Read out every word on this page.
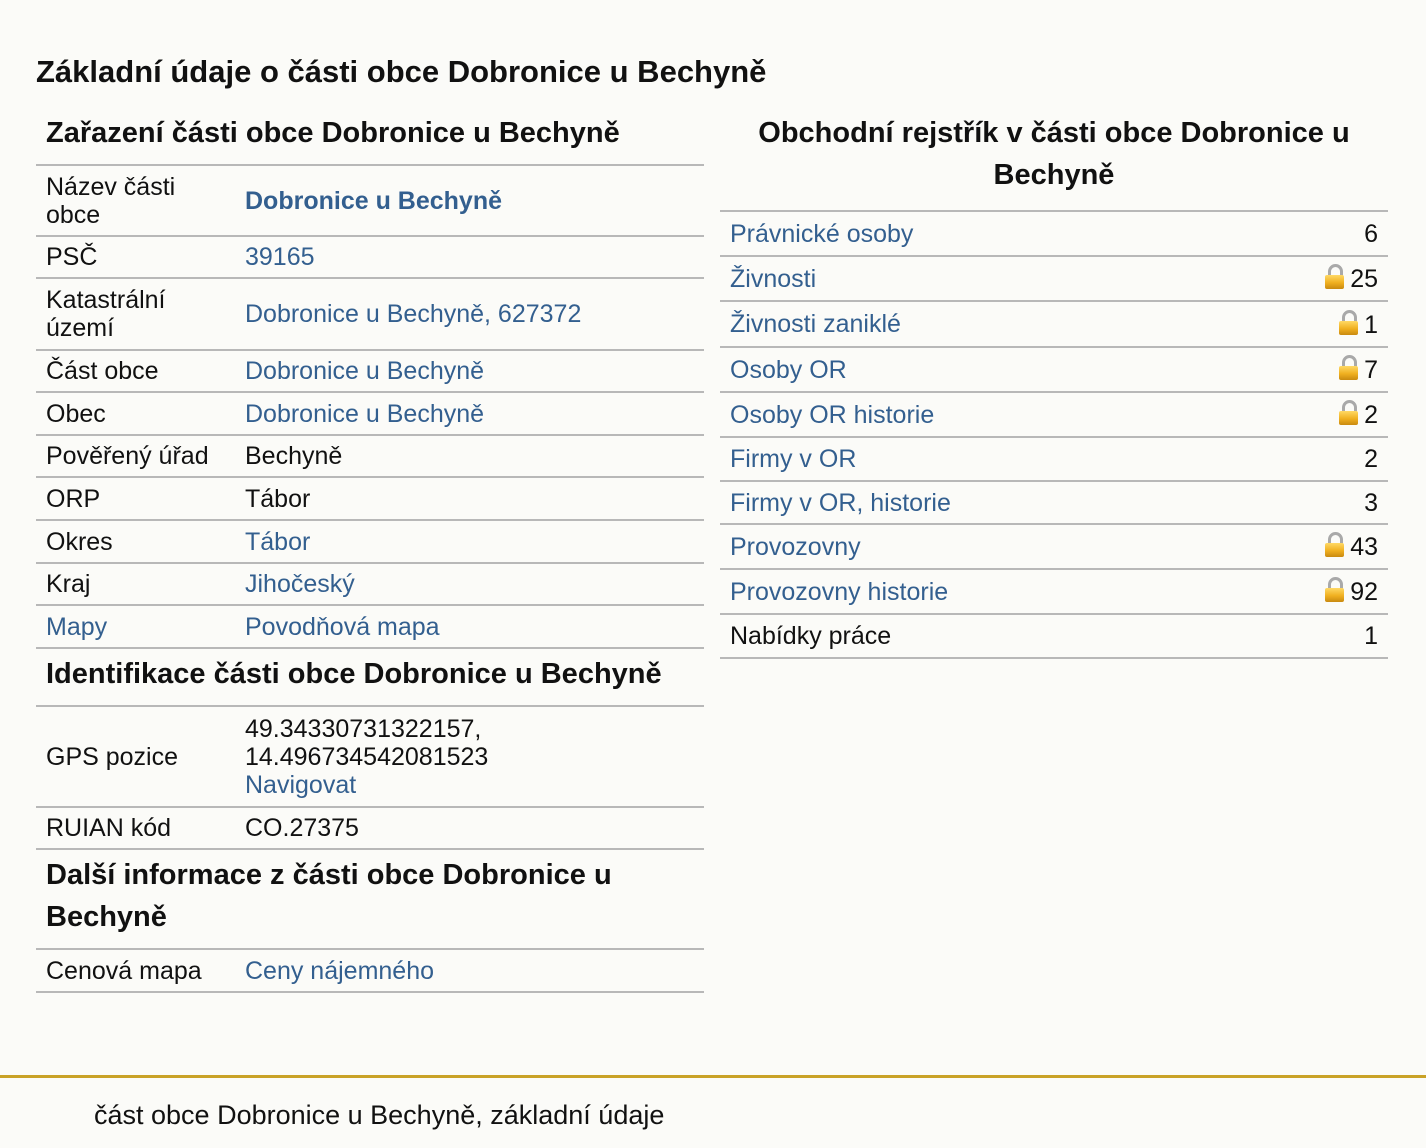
Základní údaje o části obce Dobronice u Bechyně
Zařazení části obce Dobronice u Bechyně
Název části obce	Dobronice u Bechyně
PSČ	39165
Katastrální území	Dobronice u Bechyně, 627372
Část obce	Dobronice u Bechyně
Obec	Dobronice u Bechyně
Pověřený úřad	Bechyně
ORP	Tábor
Okres	Tábor
Kraj	Jihočeský
Mapy	Povodňová mapa
Identifikace části obce Dobronice u Bechyně
GPS pozice	49.34330731322157,
14.496734542081523
Navigovat
RUIAN kód	CO.27375
Další informace z části obce Dobronice u Bechyně
Cenová mapa	Ceny nájemného
Obchodní rejstřík v části obce Dobronice u Bechyně
Právnické osoby	6
Živnosti	25
Živnosti zaniklé	1
Osoby OR	7
Osoby OR historie	2
Firmy v OR	2
Firmy v OR, historie	3
Provozovny	43
Provozovny historie	92
Nabídky práce	1
část obce Dobronice u Bechyně, základní údaje
